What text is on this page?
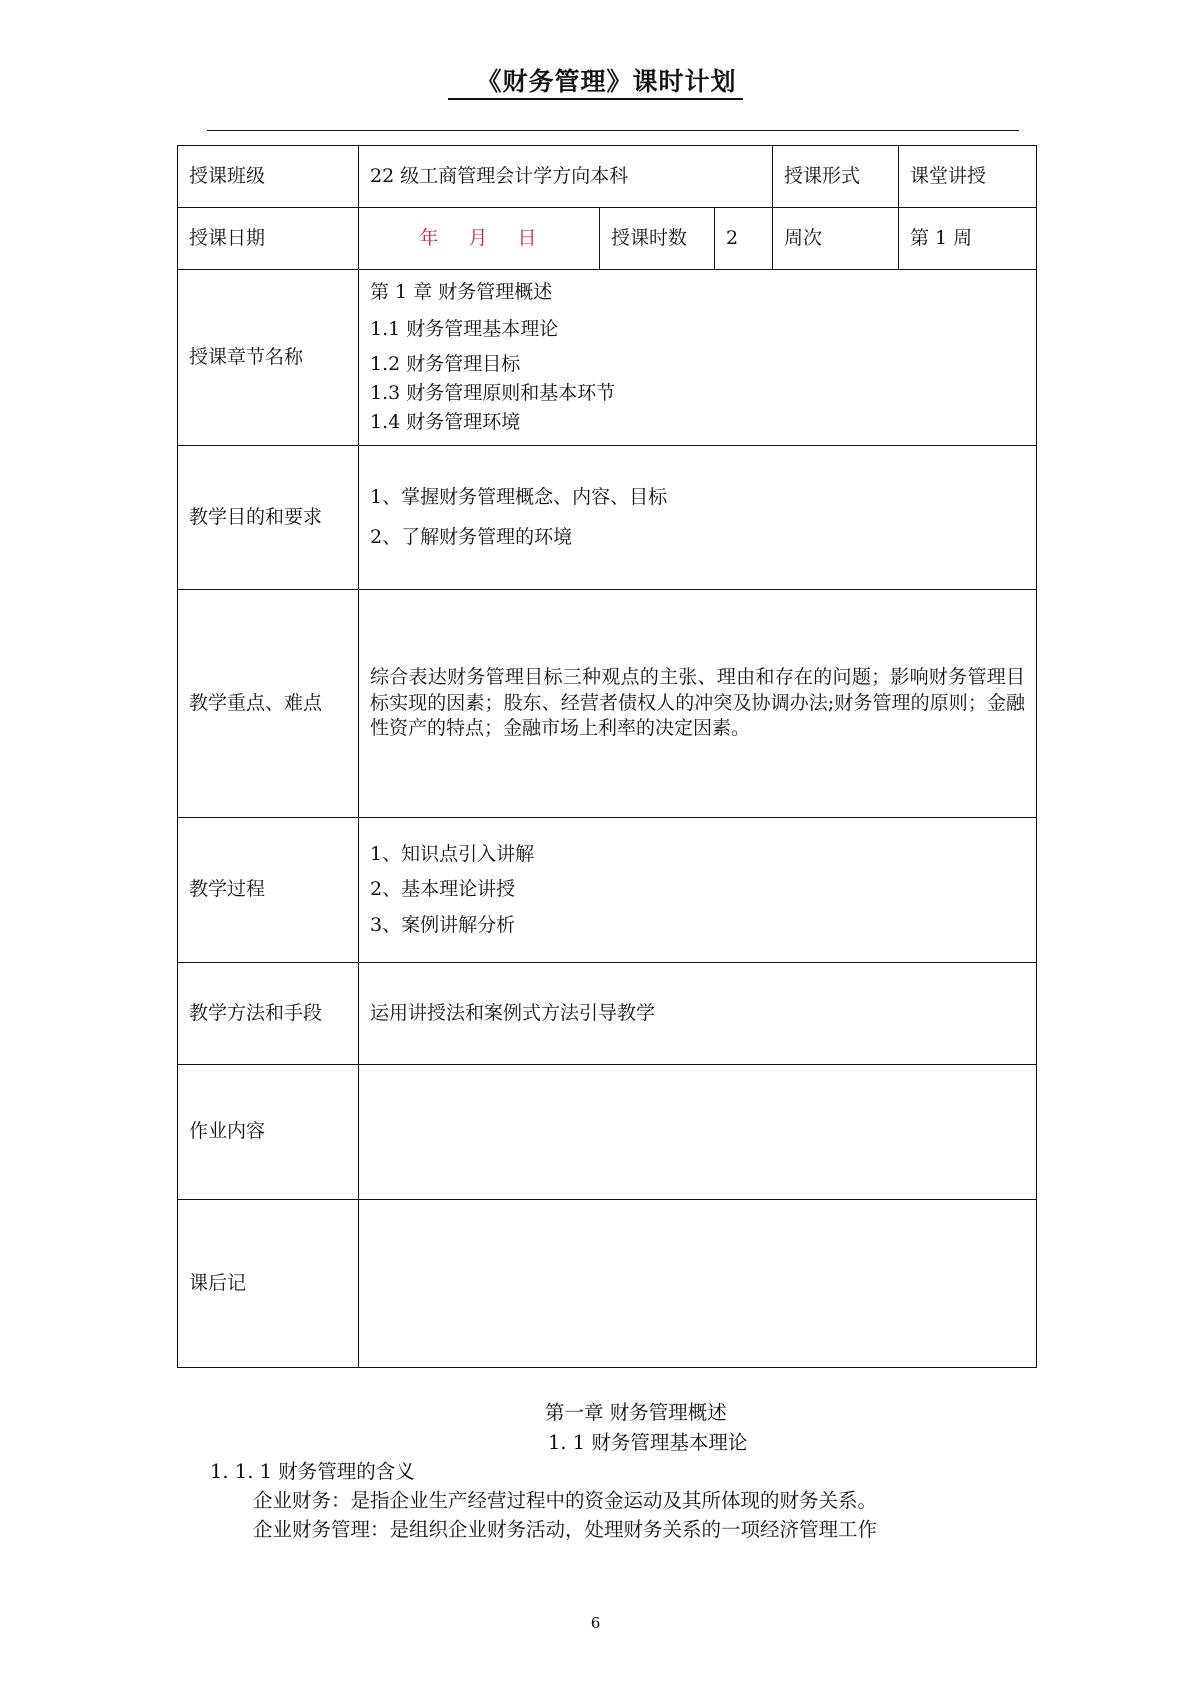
《财务管理》课时计划
授课班级	22 级工商管理会计学方向本科			授课形式	课堂讲授
授课日期	年 月 日	授课时数	2	周次	第 1 周
授课章节名称	第 1 章 财务管理概述
1.1 财务管理基本理论
1.2 财务管理目标
1.3 财务管理原则和基本环节
1.4 财务管理环境				

教学目的和要求	1、掌握财务管理概念、内容、目标
2、了解财务管理的环境				

教学重点、难点	综合表达财务管理目标三种观点的主张、理由和存在的问题；影响财务管理目标实现的因素；股东、经营者债权人的冲突及协调办法;财务管理的原则；金融性资产的特点；金融市场上利率的决定因素。				
教学过程	1、知识点引入讲解
2、基本理论讲授
3、案例讲解分析				

教学方法和手段	运用讲授法和案例式方法引导教学				
作业内容					
课后记					
第一章 财务管理概述
1. 1 财务管理基本理论
1. 1. 1 财务管理的含义
企业财务：是指企业生产经营过程中的资金运动及其所体现的财务关系。
企业财务管理：是组织企业财务活动，处理财务关系的一项经济管理工作
6
